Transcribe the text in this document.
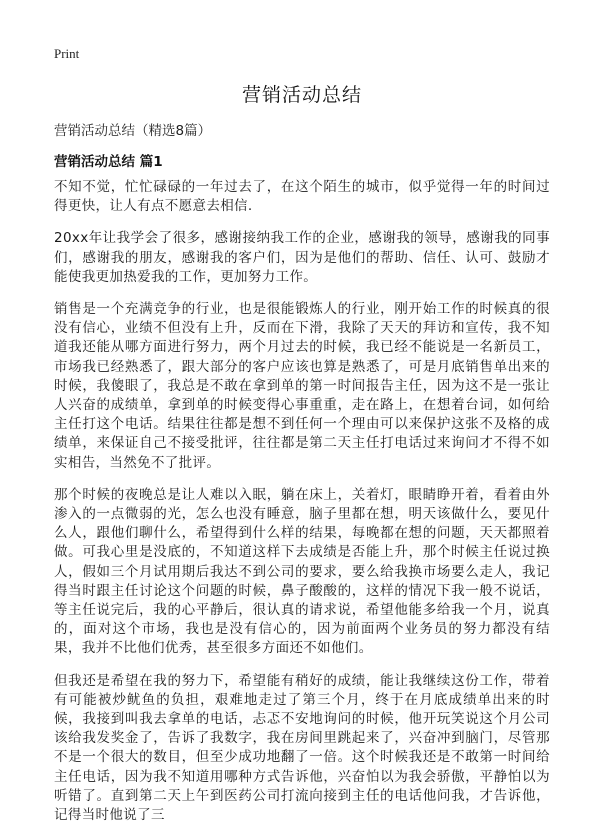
Print
营销活动总结
营销活动总结（精选8篇）
营销活动总结 篇1

不知不觉，忙忙碌碌的一年过去了，在这个陌生的城市，似乎觉得一年的时间过得更快，让人有点不愿意去相信.

20xx年让我学会了很多，感谢接纳我工作的企业，感谢我的领导，感谢我的同事们，感谢我的朋友，感谢我的客户们，因为是他们的帮助、信任、认可、鼓励才能使我更加热爱我的工作，更加努力工作。

销售是一个充满竞争的行业，也是很能锻炼人的行业，刚开始工作的时候真的很没有信心，业绩不但没有上升，反而在下滑，我除了天天的拜访和宣传，我不知道我还能从哪方面进行努力，两个月过去的时候，我已经不能说是一名新员工，市场我已经熟悉了，跟大部分的客户应该也算是熟悉了，可是月底销售单出来的时候，我傻眼了，我总是不敢在拿到单的第一时间报告主任，因为这不是一张让人兴奋的成绩单，拿到单的时候变得心事重重，走在路上，在想着台词，如何给主任打这个电话。结果往往都是想不到任何一个理由可以来保护这张不及格的成绩单，来保证自己不接受批评，往往都是第二天主任打电话过来询问才不得不如实相告，当然免不了批评。

那个时候的夜晚总是让人难以入眠，躺在床上，关着灯，眼睛睁开着，看着由外渗入的一点微弱的光，怎么也没有睡意，脑子里都在想，明天该做什么，要见什么人，跟他们聊什么，希望得到什么样的结果，每晚都在想的问题，天天都照着做。可我心里是没底的，不知道这样下去成绩是否能上升，那个时候主任说过换人，假如三个月试用期后我达不到公司的要求，要么给我换市场要么走人，我记得当时跟主任讨论这个问题的时候，鼻子酸酸的，这样的情况下我一般不说话，等主任说完后，我的心平静后，很认真的请求说，希望他能多给我一个月，说真的，面对这个市场，我也是没有信心的，因为前面两个业务员的努力都没有结果，我并不比他们优秀，甚至很多方面还不如他们。

但我还是希望在我的努力下，希望能有稍好的成绩，能让我继续这份工作，带着有可能被炒鱿鱼的负担，艰难地走过了第三个月，终于在月底成绩单出来的时候，我接到叫我去拿单的电话，忐忑不安地询问的时候，他开玩笑说这个月公司该给我发奖金了，告诉了我数字，我在房间里跳起来了，兴奋冲到脑门，尽管那不是一个很大的数目，但至少成功地翻了一倍。这个时候我还是不敢第一时间给主任电话，因为我不知道用哪种方式告诉他，兴奋怕以为我会骄傲，平静怕以为听错了。直到第二天上午到医药公司打流向接到主任的电话他问我，才告诉他，记得当时他说了三
